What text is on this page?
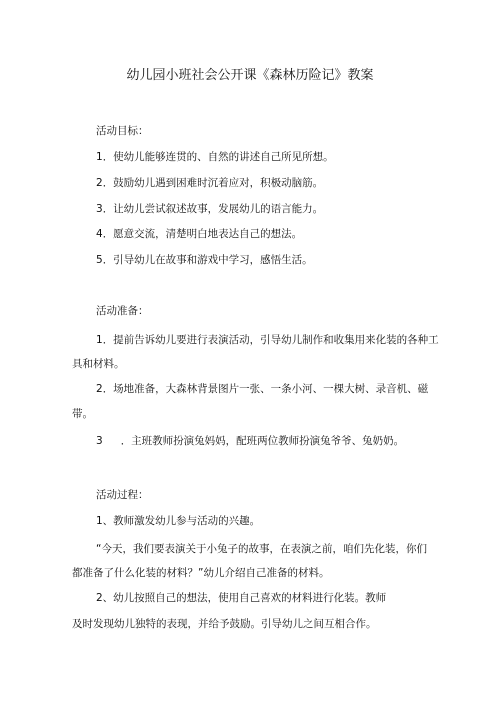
幼儿园小班社会公开课《森林历险记》教案
活动目标：
1．使幼儿能够连贯的、自然的讲述自己所见所想。
2．鼓励幼儿遇到困难时沉着应对，积极动脑筋。
3．让幼儿尝试叙述故事，发展幼儿的语言能力。
4．愿意交流，清楚明白地表达自己的想法。
5．引导幼儿在故事和游戏中学习，感悟生活。
活动准备：
1．提前告诉幼儿要进行表演活动，引导幼儿制作和收集用来化装的各种工
具和材料。
2．场地准备，大森林背景图片一张、一条小河、一棵大树、录音机、磁
带。
3 ．主班教师扮演兔妈妈，配班两位教师扮演兔爷爷、兔奶奶。
活动过程：
1、教师激发幼儿参与活动的兴趣。
“今天，我们要表演关于小兔子的故事，在表演之前，咱们先化装，你们
都准备了什么化装的材料？”幼儿介绍自己准备的材料。
2、幼儿按照自己的想法，使用自己喜欢的材料进行化装。教师
及时发现幼儿独特的表现，并给予鼓励。引导幼儿之间互相合作。
